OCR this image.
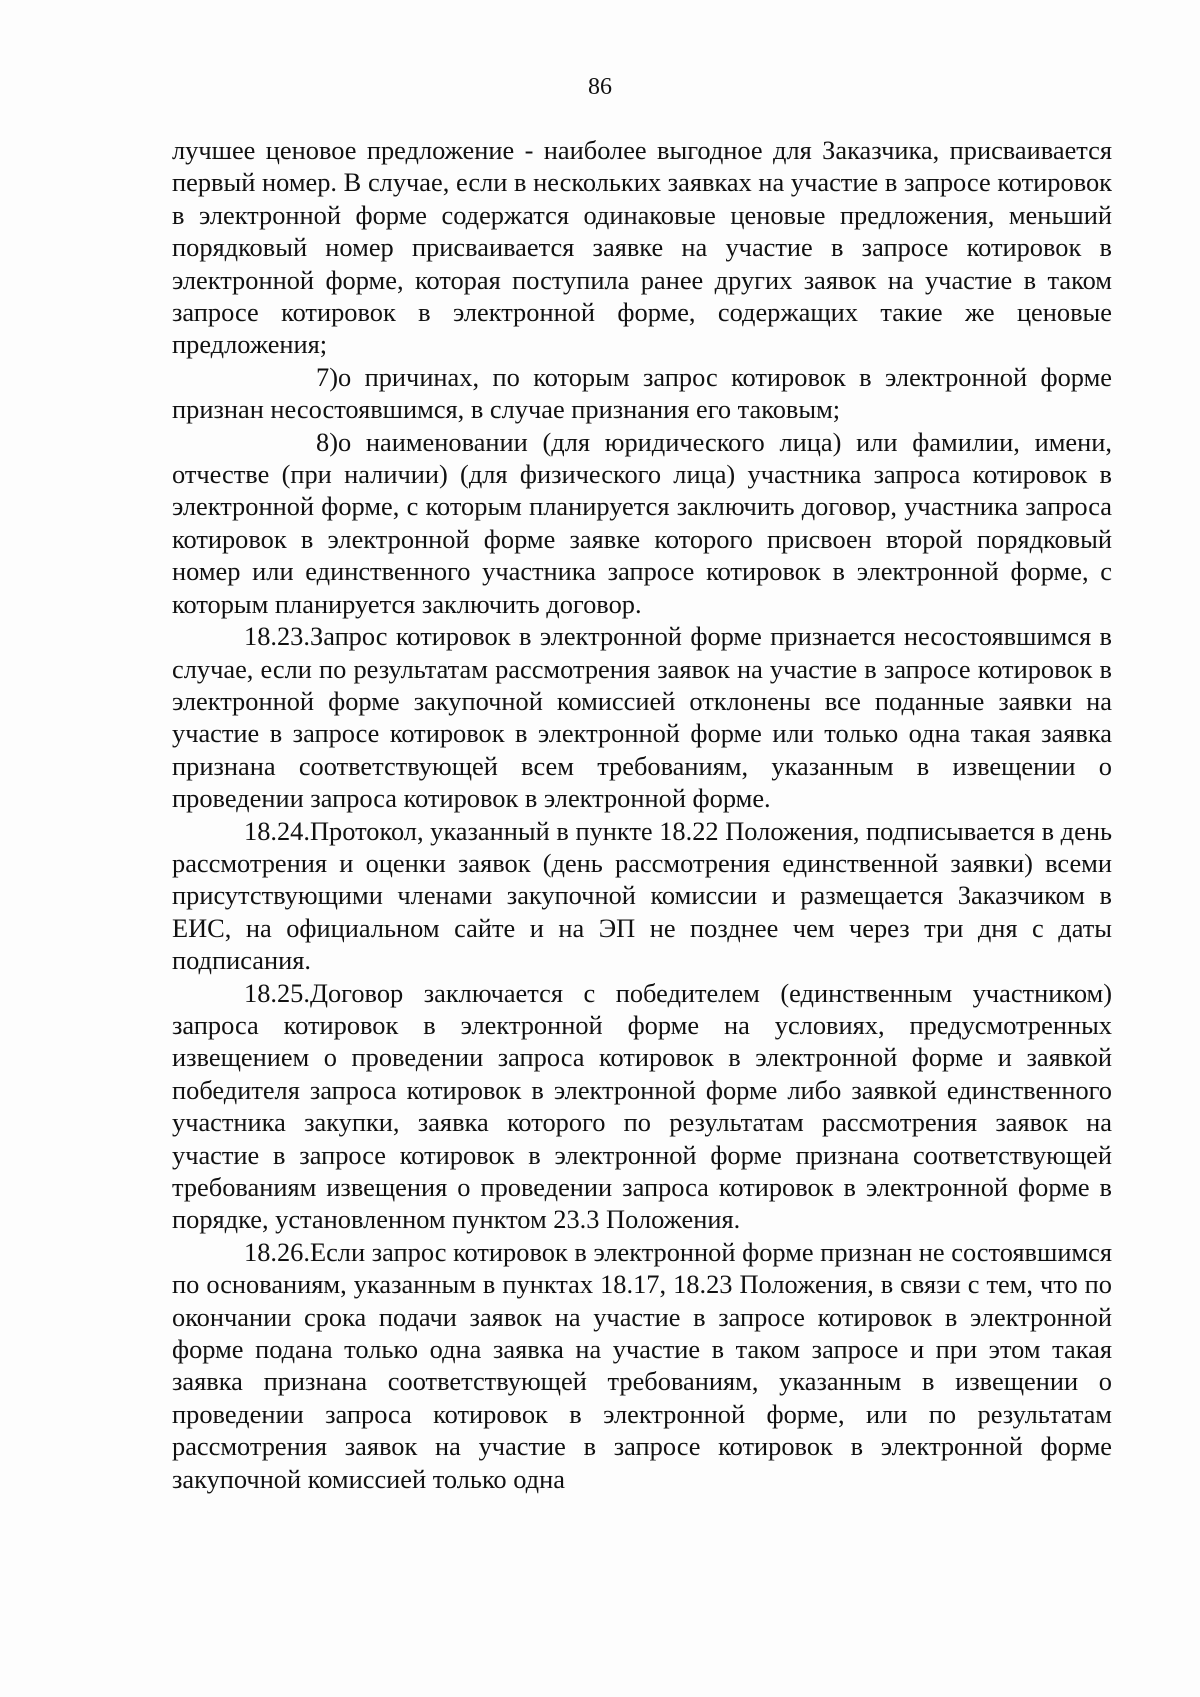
86

лучшее ценовое предложение - наиболее выгодное для Заказчика, присваивается первый номер. В случае, если в нескольких заявках на участие в запросе котировок в электронной форме содержатся одинаковые ценовые предложения, меньший порядковый номер присваивается заявке на участие в запросе котировок в электронной форме, которая поступила ранее других заявок на участие в таком запросе котировок в электронной форме, содержащих такие же ценовые предложения;

7)о причинах, по которым запрос котировок в электронной форме признан несостоявшимся, в случае признания его таковым;

8)о наименовании (для юридического лица) или фамилии, имени, отчестве (при наличии) (для физического лица) участника запроса котировок в электронной форме, с которым планируется заключить договор, участника запроса котировок в электронной форме заявке которого присвоен второй порядковый номер или единственного участника запросе котировок в электронной форме, с которым планируется заключить договор.

18.23.Запрос котировок в электронной форме признается несостоявшимся в случае, если по результатам рассмотрения заявок на участие в запросе котировок в электронной форме закупочной комиссией отклонены все поданные заявки на участие в запросе котировок в электронной форме или только одна такая заявка признана соответствующей всем требованиям, указанным в извещении о проведении запроса котировок в электронной форме.

18.24.Протокол, указанный в пункте 18.22 Положения, подписывается в день рассмотрения и оценки заявок (день рассмотрения единственной заявки) всеми присутствующими членами закупочной комиссии и размещается Заказчиком в ЕИС, на официальном сайте и на ЭП не позднее чем через три дня с даты подписания.

18.25.Договор заключается с победителем (единственным участником) запроса котировок в электронной форме на условиях, предусмотренных извещением о проведении запроса котировок в электронной форме и заявкой победителя запроса котировок в электронной форме либо заявкой единственного участника закупки, заявка которого по результатам рассмотрения заявок на участие в запросе котировок в электронной форме признана соответствующей требованиям извещения о проведении запроса котировок в электронной форме в порядке, установленном пунктом 23.3 Положения.

18.26.Если запрос котировок в электронной форме признан не состоявшимся по основаниям, указанным в пунктах 18.17, 18.23 Положения, в связи с тем, что по окончании срока подачи заявок на участие в запросе котировок в электронной форме подана только одна заявка на участие в таком запросе и при этом такая заявка признана соответствующей требованиям, указанным в извещении о проведении запроса котировок в электронной форме, или по результатам рассмотрения заявок на участие в запросе котировок в электронной форме закупочной комиссией только одна
